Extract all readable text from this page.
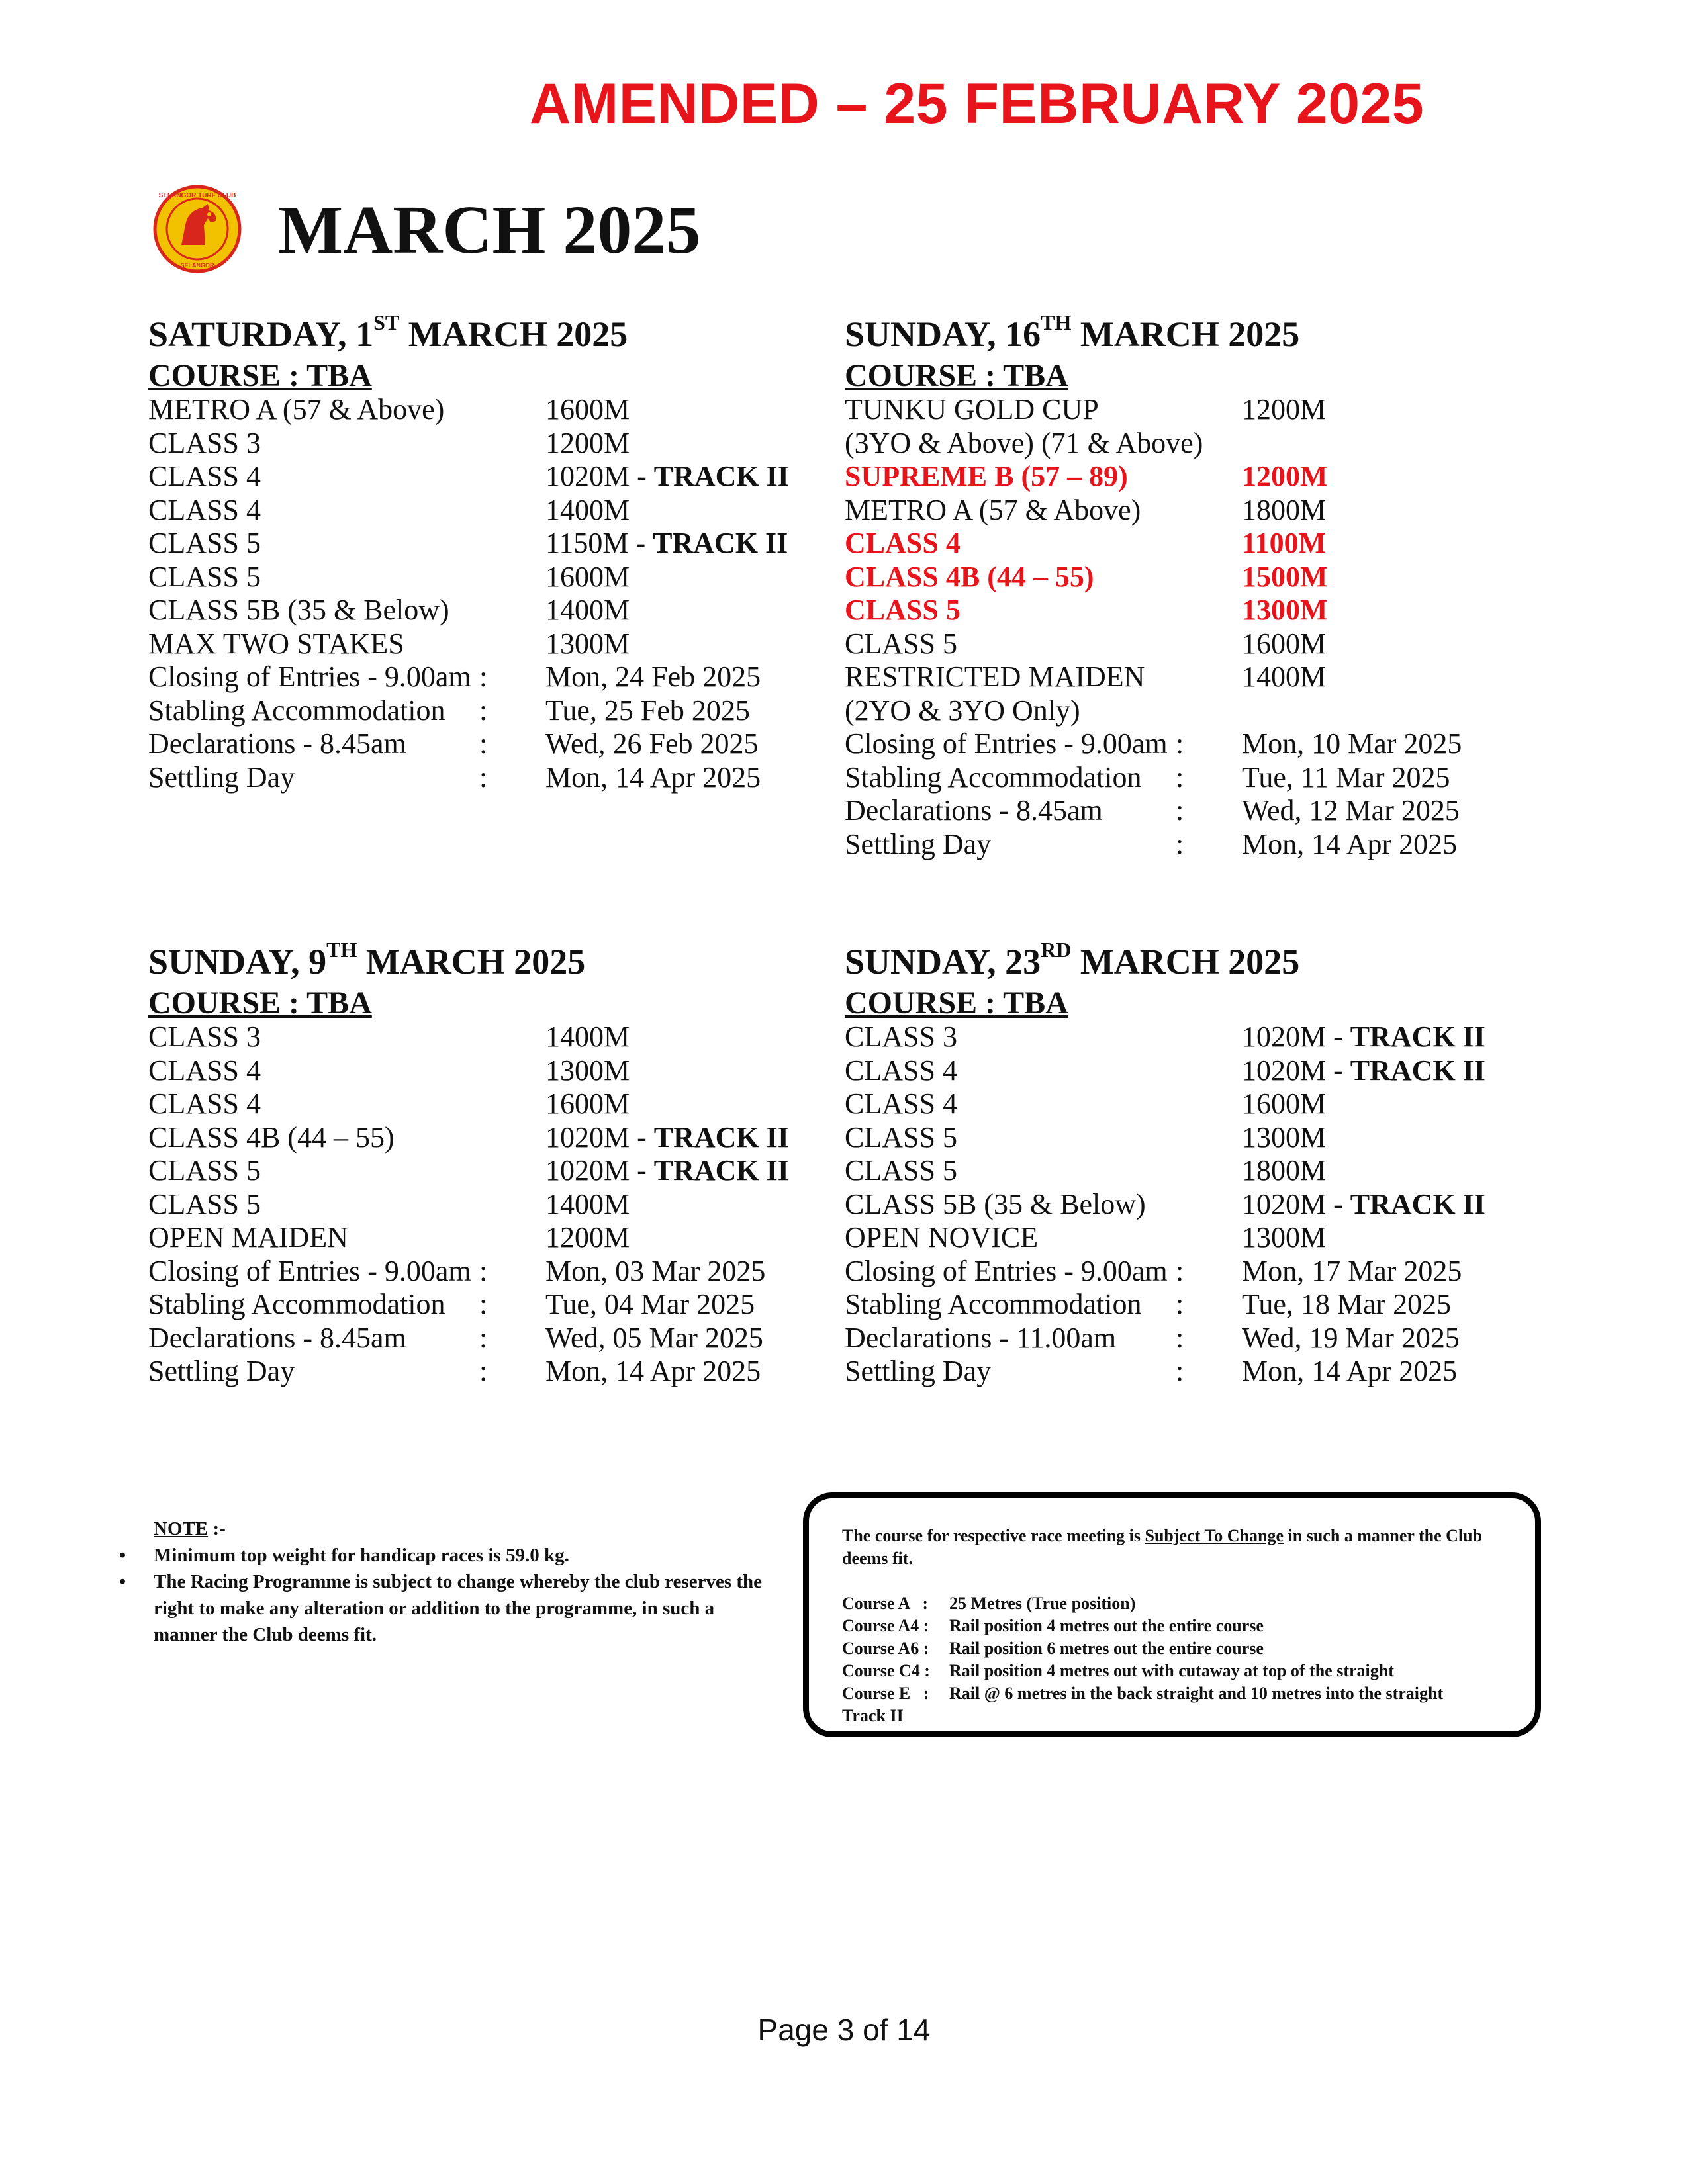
AMENDED – 25 FEBRUARY 2025
SELANGOR TURF CLUB
SELANGOR MARCH 2025
SATURDAY, 1ST MARCH 2025
COURSE : TBA
METRO A (57 & Above)	1600M
CLASS 3	1200M
CLASS 4	1020M - TRACK II
CLASS 4	1400M
CLASS 5	1150M - TRACK II
CLASS 5	1600M
CLASS 5B (35 & Below)	1400M
MAX TWO STAKES	1300M
Closing of Entries - 9.00am : Mon, 24 Feb 2025
Stabling Accommodation	: Tue, 25 Feb 2025
Declarations - 8.45am	: Wed, 26 Feb 2025
Settling Day	: Mon, 14 Apr 2025
SUNDAY, 16TH MARCH 2025
COURSE : TBA
TUNKU GOLD CUP	1200M
(3YO & Above) (71 & Above)
SUPREME B (57 – 89)	1200M
METRO A (57 & Above)	1800M
CLASS 4	1100M
CLASS 4B (44 – 55)	1500M
CLASS 5	1300M
CLASS 5	1600M
RESTRICTED MAIDEN	1400M
(2YO & 3YO Only)
Closing of Entries - 9.00am : Mon, 10 Mar 2025
Stabling Accommodation	: Tue, 11 Mar 2025
Declarations - 8.45am	: Wed, 12 Mar 2025
Settling Day	: Mon, 14 Apr 2025
SUNDAY, 9TH MARCH 2025
COURSE : TBA
CLASS 3	1400M
CLASS 4	1300M
CLASS 4	1600M
CLASS 4B (44 – 55)	1020M - TRACK II
CLASS 5	1020M - TRACK II
CLASS 5	1400M
OPEN MAIDEN	1200M
Closing of Entries - 9.00am : Mon, 03 Mar 2025
Stabling Accommodation	: Tue, 04 Mar 2025
Declarations - 8.45am	: Wed, 05 Mar 2025
Settling Day	: Mon, 14 Apr 2025
SUNDAY, 23RD MARCH 2025
COURSE : TBA
CLASS 3	1020M - TRACK II
CLASS 4	1020M - TRACK II
CLASS 4	1600M
CLASS 5	1300M
CLASS 5	1800M
CLASS 5B (35 & Below)	1020M - TRACK II
OPEN NOVICE	1300M
Closing of Entries - 9.00am : Mon, 17 Mar 2025
Stabling Accommodation	: Tue, 18 Mar 2025
Declarations - 11.00am	: Wed, 19 Mar 2025
Settling Day	: Mon, 14 Apr 2025
NOTE :-
• Minimum top weight for handicap races is 59.0 kg.
• The Racing Programme is subject to change whereby the club reserves the right to make any alteration or addition to the programme, in such a manner the Club deems fit.
The course for respective race meeting is Subject To Change in such a manner the Club deems fit.
Course A   :	25 Metres (True position)
Course A4 :	Rail position 4 metres out the entire course
Course A6 :	Rail position 6 metres out the entire course
Course C4 :	Rail position 4 metres out with cutaway at top of the straight
Course E   :	Rail @ 6 metres in the back straight and 10 metres into the straight
Track II
Page 3 of 14
